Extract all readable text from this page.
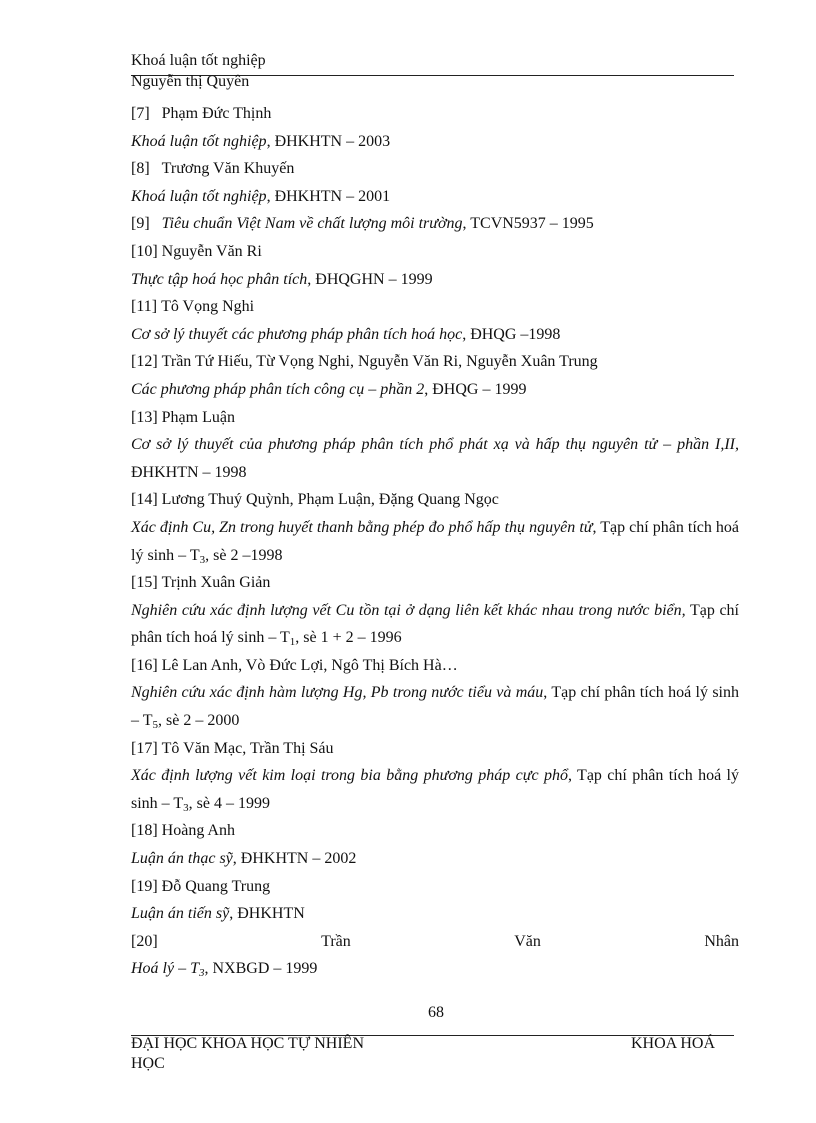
Khoá luận tốt nghiệp
Nguyễn thị Quyên
[7] Phạm Đức Thịnh
Khoá luận tốt nghiệp, ĐHKHTN – 2003
[8] Trương Văn Khuyến
Khoá luận tốt nghiệp, ĐHKHTN – 2001
[9] Tiêu chuẩn Việt Nam về chất lượng môi trường, TCVN5937 – 1995
[10] Nguyễn Văn Ri
Thực tập hoá học phân tích, ĐHQGHN – 1999
[11] Tô Vọng Nghi
Cơ sở lý thuyết các phương pháp phân tích hoá học, ĐHQG –1998
[12] Trần Tứ Hiếu, Từ Vọng Nghi, Nguyễn Văn Ri, Nguyễn Xuân Trung
Các phương pháp phân tích công cụ – phần 2, ĐHQG – 1999
[13] Phạm Luận
Cơ sở lý thuyết của phương pháp phân tích phổ phát xạ và hấp thụ nguyên tử – phần I,II, ĐHKHTN – 1998
[14] Lương Thuý Quỳnh, Phạm Luận, Đặng Quang Ngọc
Xác định Cu, Zn trong huyết thanh bằng phép đo phổ hấp thụ nguyên tử, Tạp chí phân tích hoá lý sinh – $T_3$, sè 2 –1998
[15] Trịnh Xuân Giản
Nghiên cứu xác định lượng vết Cu tồn tại ở dạng liên kết khác nhau trong nước biển, Tạp chí phân tích hoá lý sinh – $T_1$, sè 1 + 2 – 1996
[16] Lê Lan Anh, Vò Đức Lợi, Ngô Thị Bích Hà…
Nghiên cứu xác định hàm lượng Hg, Pb trong nước tiểu và máu, Tạp chí phân tích hoá lý sinh – $T_5$, sè 2 – 2000
[17] Tô Văn Mạc, Trần Thị Sáu
Xác định lượng vết kim loại trong bia bằng phương pháp cực phổ, Tạp chí phân tích hoá lý sinh – $T_3$, sè 4 – 1999
[18] Hoàng Anh
Luận án thạc sỹ, ĐHKHTN – 2002
[19] Đỗ Quang Trung
Luận án tiến sỹ, ĐHKHTN
[20]	Trần	Văn	Nhân
Hoá lý – $T_3$, NXBGD – 1999
68
ĐẠI HỌC KHOA HỌC TỰ NHIÊN HỌC
KHOA HOÁ
